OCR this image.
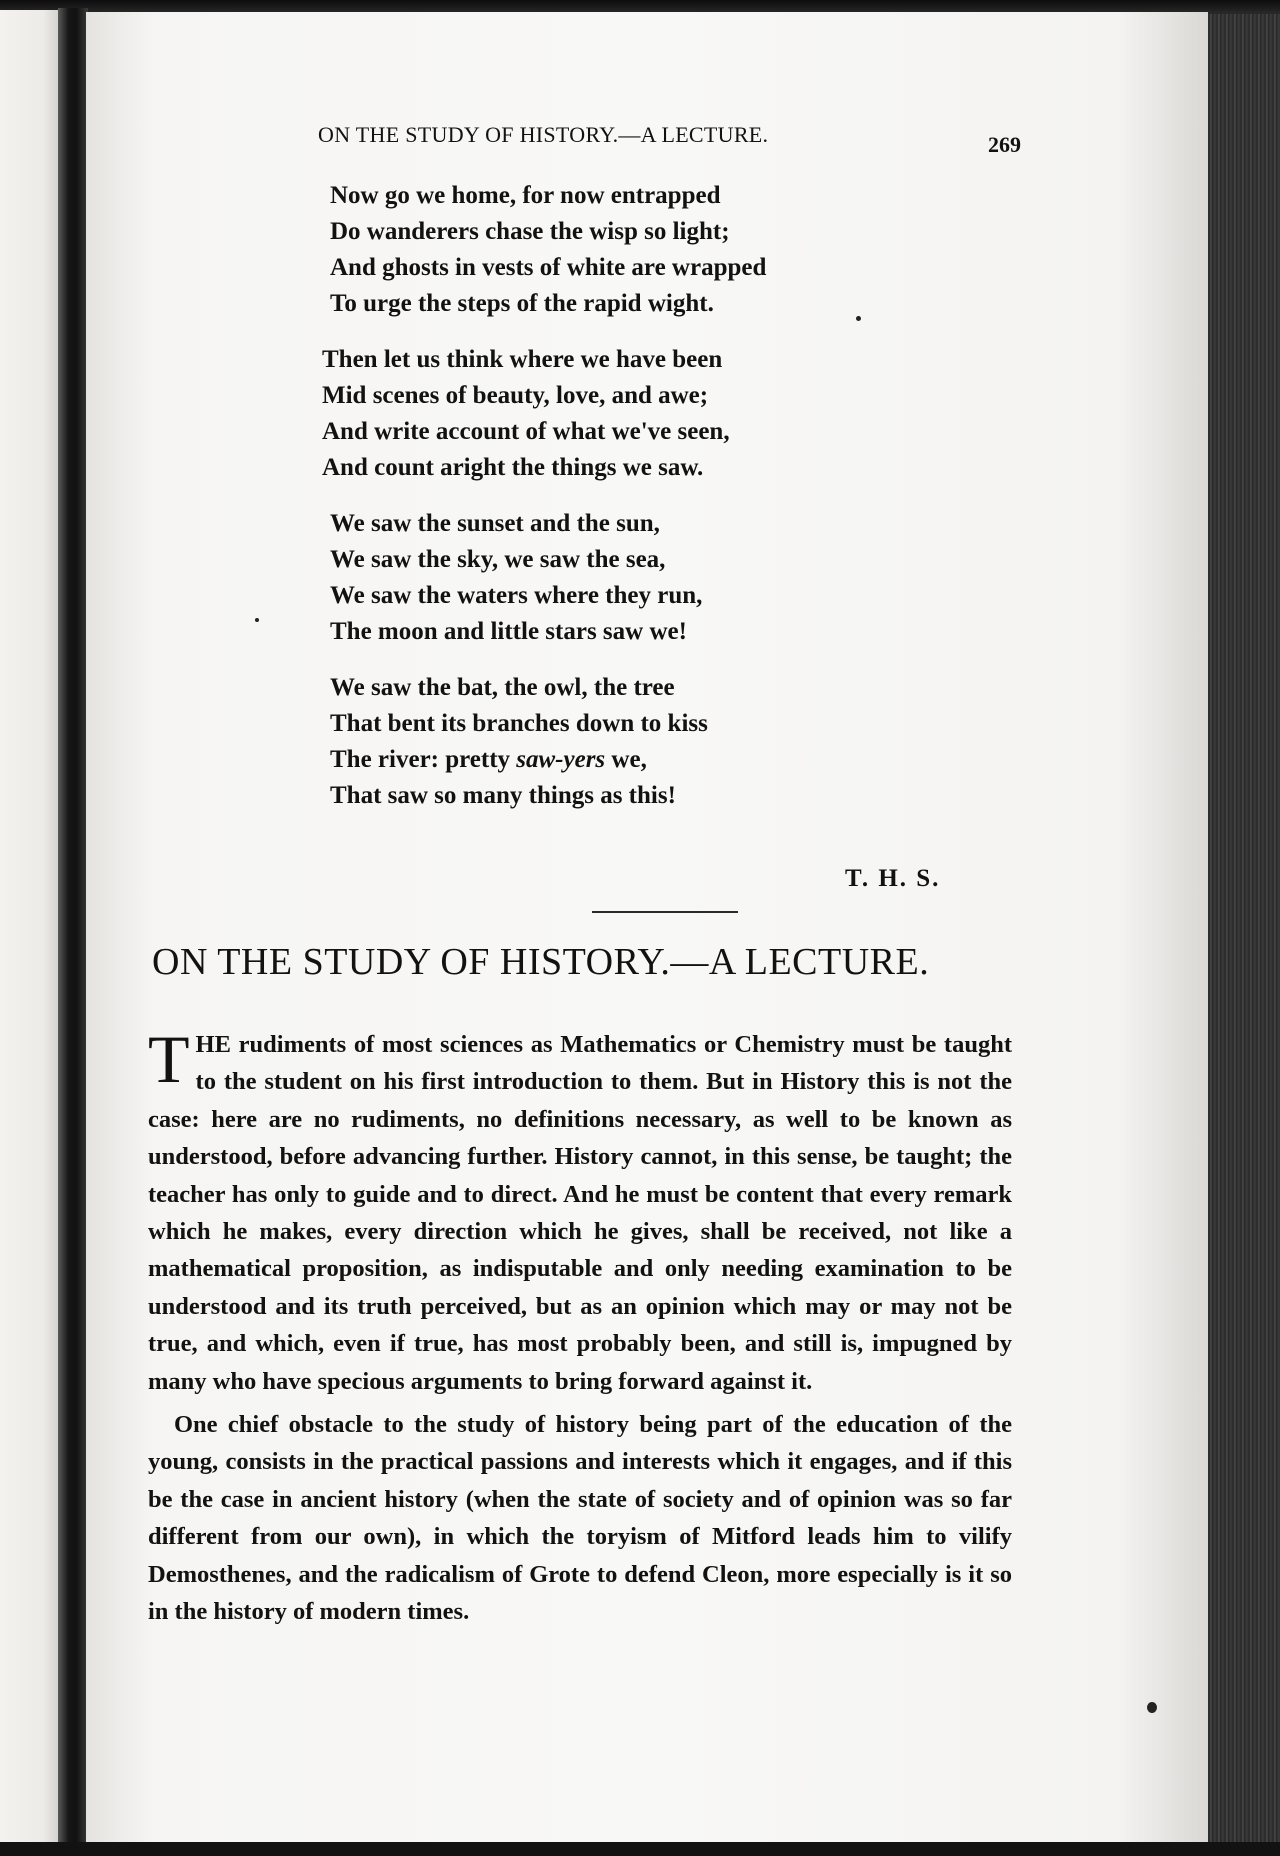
ON THE STUDY OF HISTORY.—A LECTURE.	269
Now go we home, for now entrapped
Do wanderers chase the wisp so light;
And ghosts in vests of white are wrapped
To urge the steps of the rapid wight.
Then let us think where we have been
Mid scenes of beauty, love, and awe;
And write account of what we've seen,
And count aright the things we saw.
We saw the sunset and the sun,
We saw the sky, we saw the sea,
We saw the waters where they run,
The moon and little stars saw we!
We saw the bat, the owl, the tree
That bent its branches down to kiss
The river: pretty saw-yers we,
That saw so many things as this!
T. H. S.
ON THE STUDY OF HISTORY.—A LECTURE.

THE rudiments of most sciences as Mathematics or Chemistry must be taught to the student on his first introduction to them. But in History this is not the case: here are no rudiments, no definitions necessary, as well to be known as understood, before advancing further. History cannot, in this sense, be taught; the teacher has only to guide and to direct. And he must be content that every remark which he makes, every direction which he gives, shall be received, not like a mathematical proposition, as indisputable and only needing examination to be understood and its truth perceived, but as an opinion which may or may not be true, and which, even if true, has most probably been, and still is, impugned by many who have specious arguments to bring forward against it.

One chief obstacle to the study of history being part of the education of the young, consists in the practical passions and interests which it engages, and if this be the case in ancient history (when the state of society and of opinion was so far different from our own), in which the toryism of Mitford leads him to vilify Demosthenes, and the radicalism of Grote to defend Cleon, more especially is it so in the history of modern times.
